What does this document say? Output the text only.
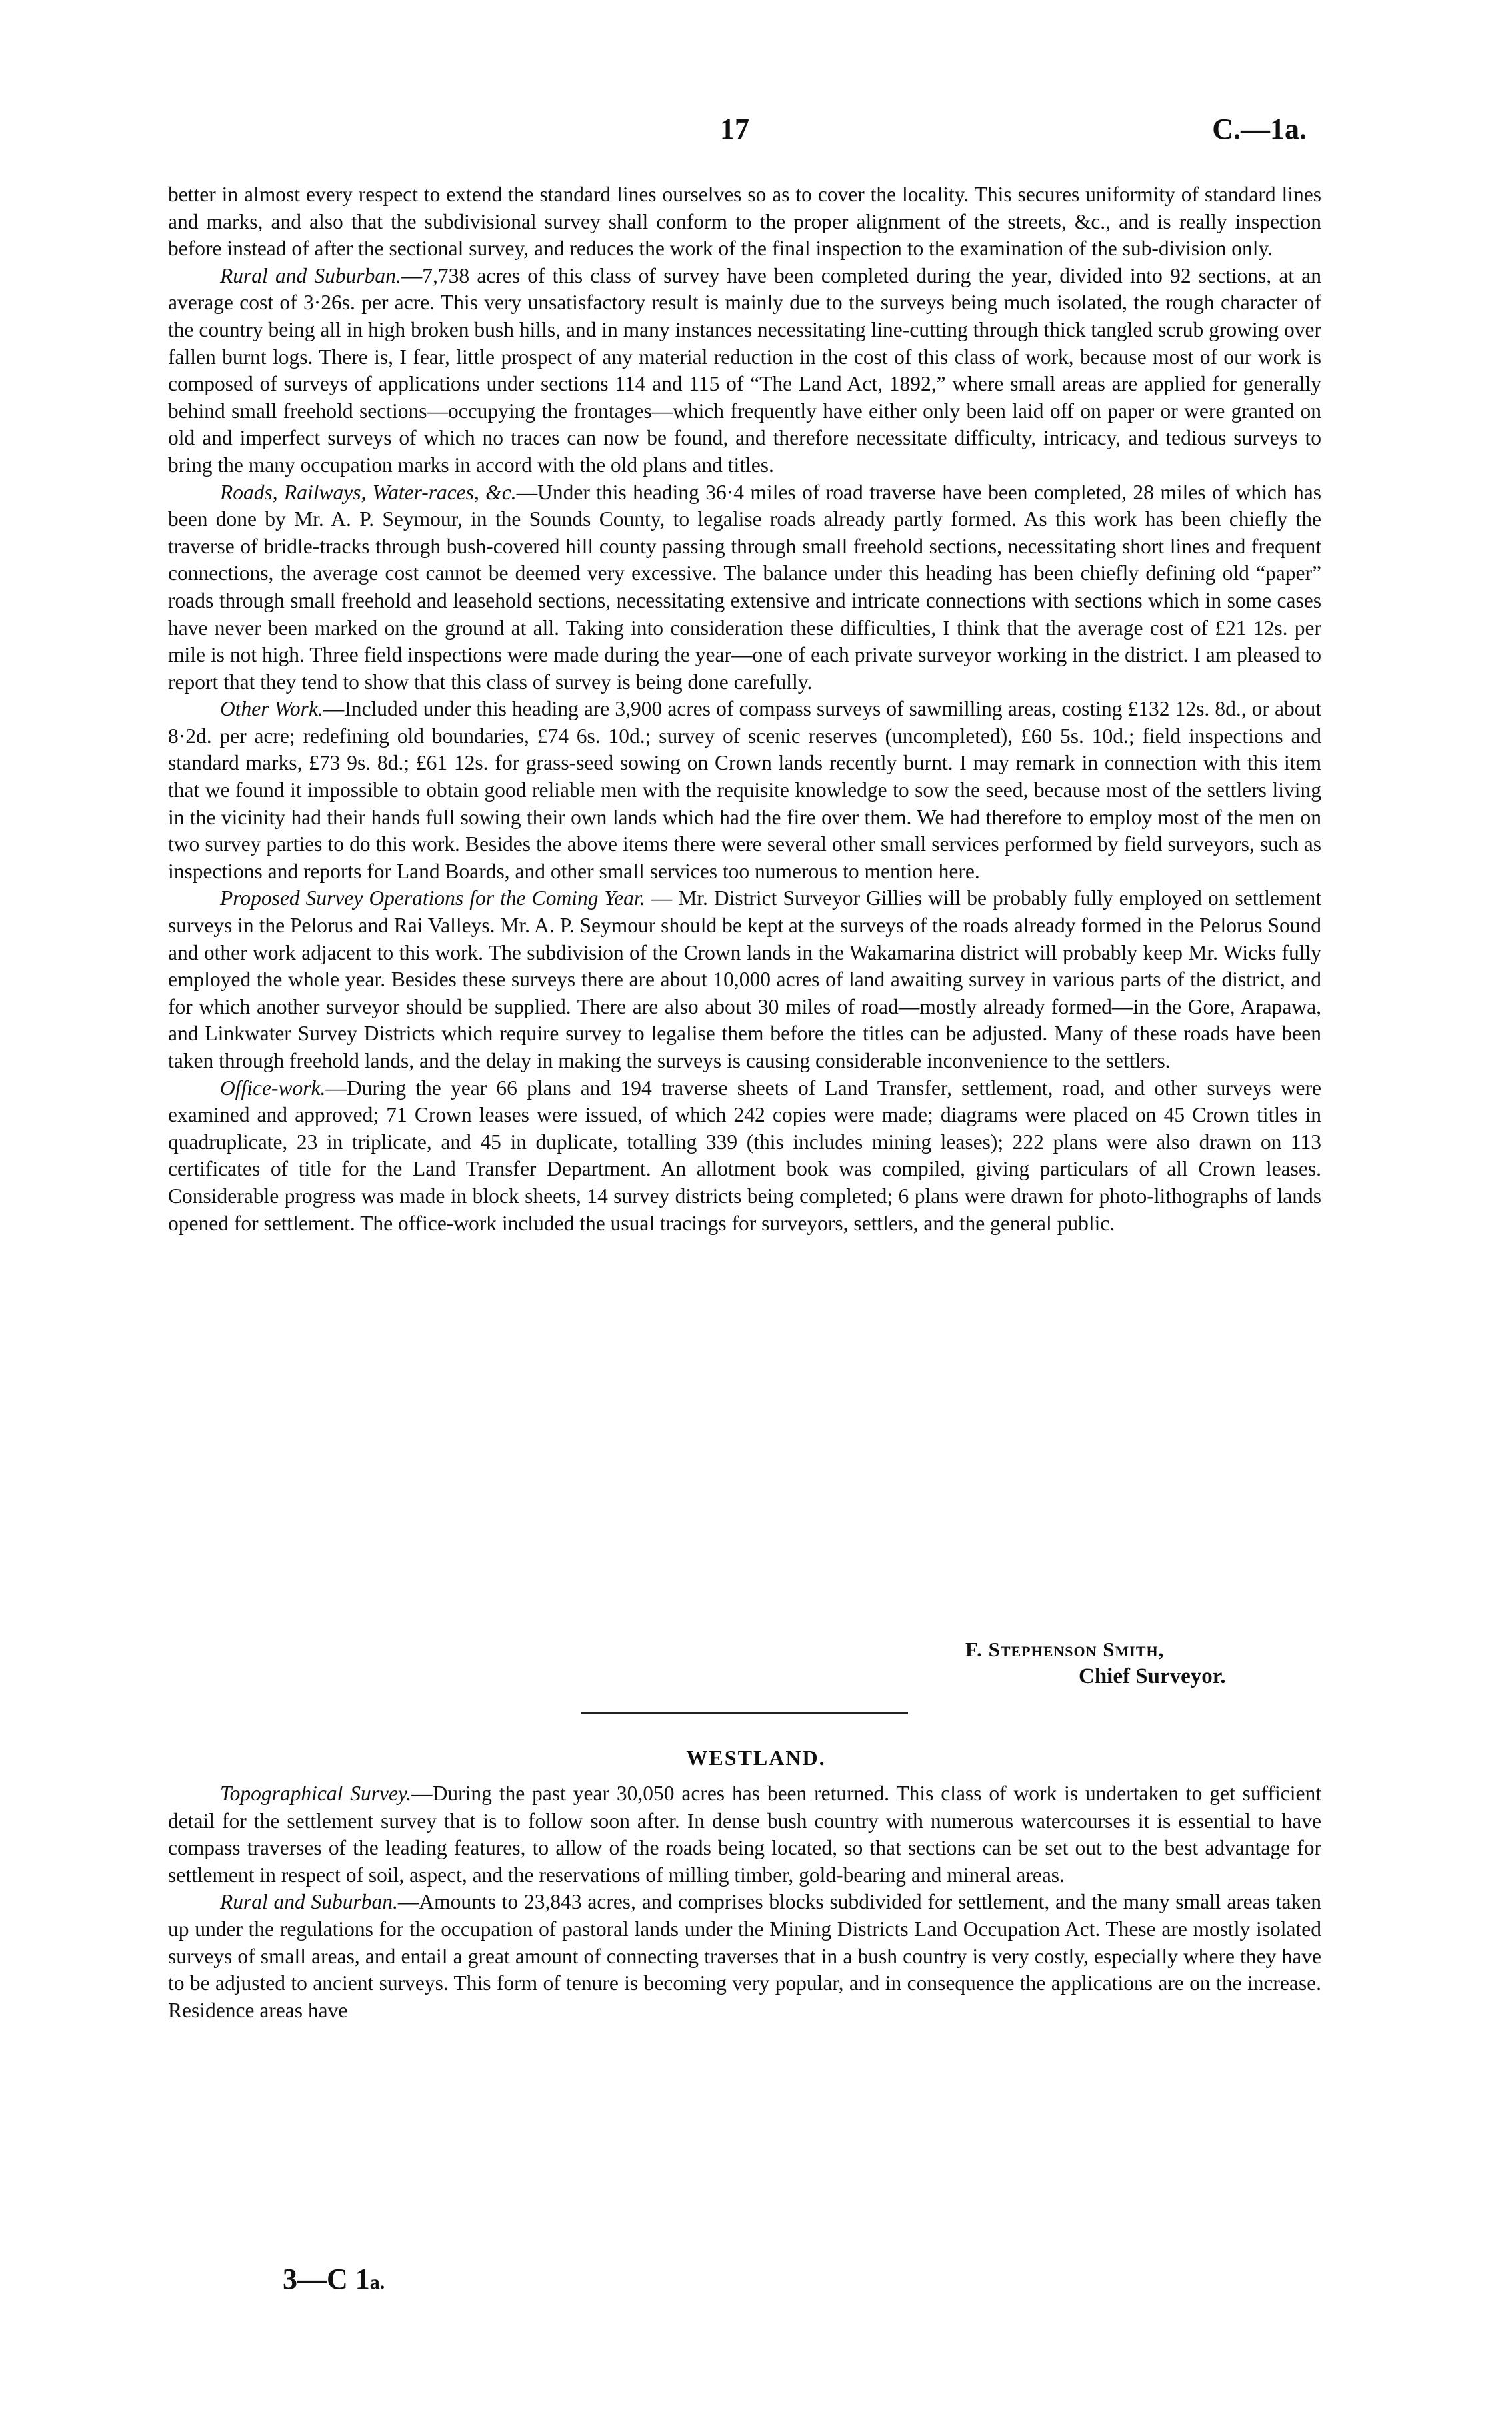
17	C.—1a.

better in almost every respect to extend the standard lines ourselves so as to cover the locality. This secures uniformity of standard lines and marks, and also that the subdivisional survey shall conform to the proper alignment of the streets, &c., and is really inspection before instead of after the sectional survey, and reduces the work of the final inspection to the examination of the sub-division only.

Rural and Suburban.—7,738 acres of this class of survey have been completed during the year, divided into 92 sections, at an average cost of 3·26s. per acre. This very unsatisfactory result is mainly due to the surveys being much isolated, the rough character of the country being all in high broken bush hills, and in many instances necessitating line-cutting through thick tangled scrub growing over fallen burnt logs. There is, I fear, little prospect of any material reduction in the cost of this class of work, because most of our work is composed of surveys of applications under sections 114 and 115 of “The Land Act, 1892,” where small areas are applied for generally behind small freehold sections—occupying the frontages—which frequently have either only been laid off on paper or were granted on old and imperfect surveys of which no traces can now be found, and therefore necessitate difficulty, intricacy, and tedious surveys to bring the many occupation marks in accord with the old plans and titles.

Roads, Railways, Water-races, &c.—Under this heading 36·4 miles of road traverse have been completed, 28 miles of which has been done by Mr. A. P. Seymour, in the Sounds County, to legalise roads already partly formed. As this work has been chiefly the traverse of bridle-tracks through bush-covered hill county passing through small freehold sections, necessitating short lines and frequent connections, the average cost cannot be deemed very excessive. The balance under this heading has been chiefly defining old “paper” roads through small freehold and leasehold sections, necessitating extensive and intricate connections with sections which in some cases have never been marked on the ground at all. Taking into consideration these difficulties, I think that the average cost of £21 12s. per mile is not high. Three field inspections were made during the year—one of each private surveyor working in the district. I am pleased to report that they tend to show that this class of survey is being done carefully.

Other Work.—Included under this heading are 3,900 acres of compass surveys of sawmilling areas, costing £132 12s. 8d., or about 8·2d. per acre; redefining old boundaries, £74 6s. 10d.; survey of scenic reserves (uncompleted), £60 5s. 10d.; field inspections and standard marks, £73 9s. 8d.; £61 12s. for grass-seed sowing on Crown lands recently burnt. I may remark in connection with this item that we found it impossible to obtain good reliable men with the requisite knowledge to sow the seed, because most of the settlers living in the vicinity had their hands full sowing their own lands which had the fire over them. We had therefore to employ most of the men on two survey parties to do this work. Besides the above items there were several other small services performed by field surveyors, such as inspections and reports for Land Boards, and other small services too numerous to mention here.

Proposed Survey Operations for the Coming Year. — Mr. District Surveyor Gillies will be probably fully employed on settlement surveys in the Pelorus and Rai Valleys. Mr. A. P. Seymour should be kept at the surveys of the roads already formed in the Pelorus Sound and other work adjacent to this work. The subdivision of the Crown lands in the Wakamarina district will probably keep Mr. Wicks fully employed the whole year. Besides these surveys there are about 10,000 acres of land awaiting survey in various parts of the district, and for which another surveyor should be supplied. There are also about 30 miles of road—mostly already formed—in the Gore, Arapawa, and Linkwater Survey Districts which require survey to legalise them before the titles can be adjusted. Many of these roads have been taken through freehold lands, and the delay in making the surveys is causing considerable inconvenience to the settlers.

Office-work.—During the year 66 plans and 194 traverse sheets of Land Transfer, settlement, road, and other surveys were examined and approved; 71 Crown leases were issued, of which 242 copies were made; diagrams were placed on 45 Crown titles in quadruplicate, 23 in triplicate, and 45 in duplicate, totalling 339 (this includes mining leases); 222 plans were also drawn on 113 certificates of title for the Land Transfer Department. An allotment book was compiled, giving particulars of all Crown leases. Considerable progress was made in block sheets, 14 survey districts being completed; 6 plans were drawn for photo-lithographs of lands opened for settlement. The office-work included the usual tracings for surveyors, settlers, and the general public.

F. Stephenson Smith,
Chief Surveyor.
WESTLAND.

Topographical Survey.—During the past year 30,050 acres has been returned. This class of work is undertaken to get sufficient detail for the settlement survey that is to follow soon after. In dense bush country with numerous watercourses it is essential to have compass traverses of the leading features, to allow of the roads being located, so that sections can be set out to the best advantage for settlement in respect of soil, aspect, and the reservations of milling timber, gold-bearing and mineral areas.

Rural and Suburban.—Amounts to 23,843 acres, and comprises blocks subdivided for settlement, and the many small areas taken up under the regulations for the occupation of pastoral lands under the Mining Districts Land Occupation Act. These are mostly isolated surveys of small areas, and entail a great amount of connecting traverses that in a bush country is very costly, especially where they have to be adjusted to ancient surveys. This form of tenure is becoming very popular, and in consequence the applications are on the increase. Residence areas have

3—C 1a.
